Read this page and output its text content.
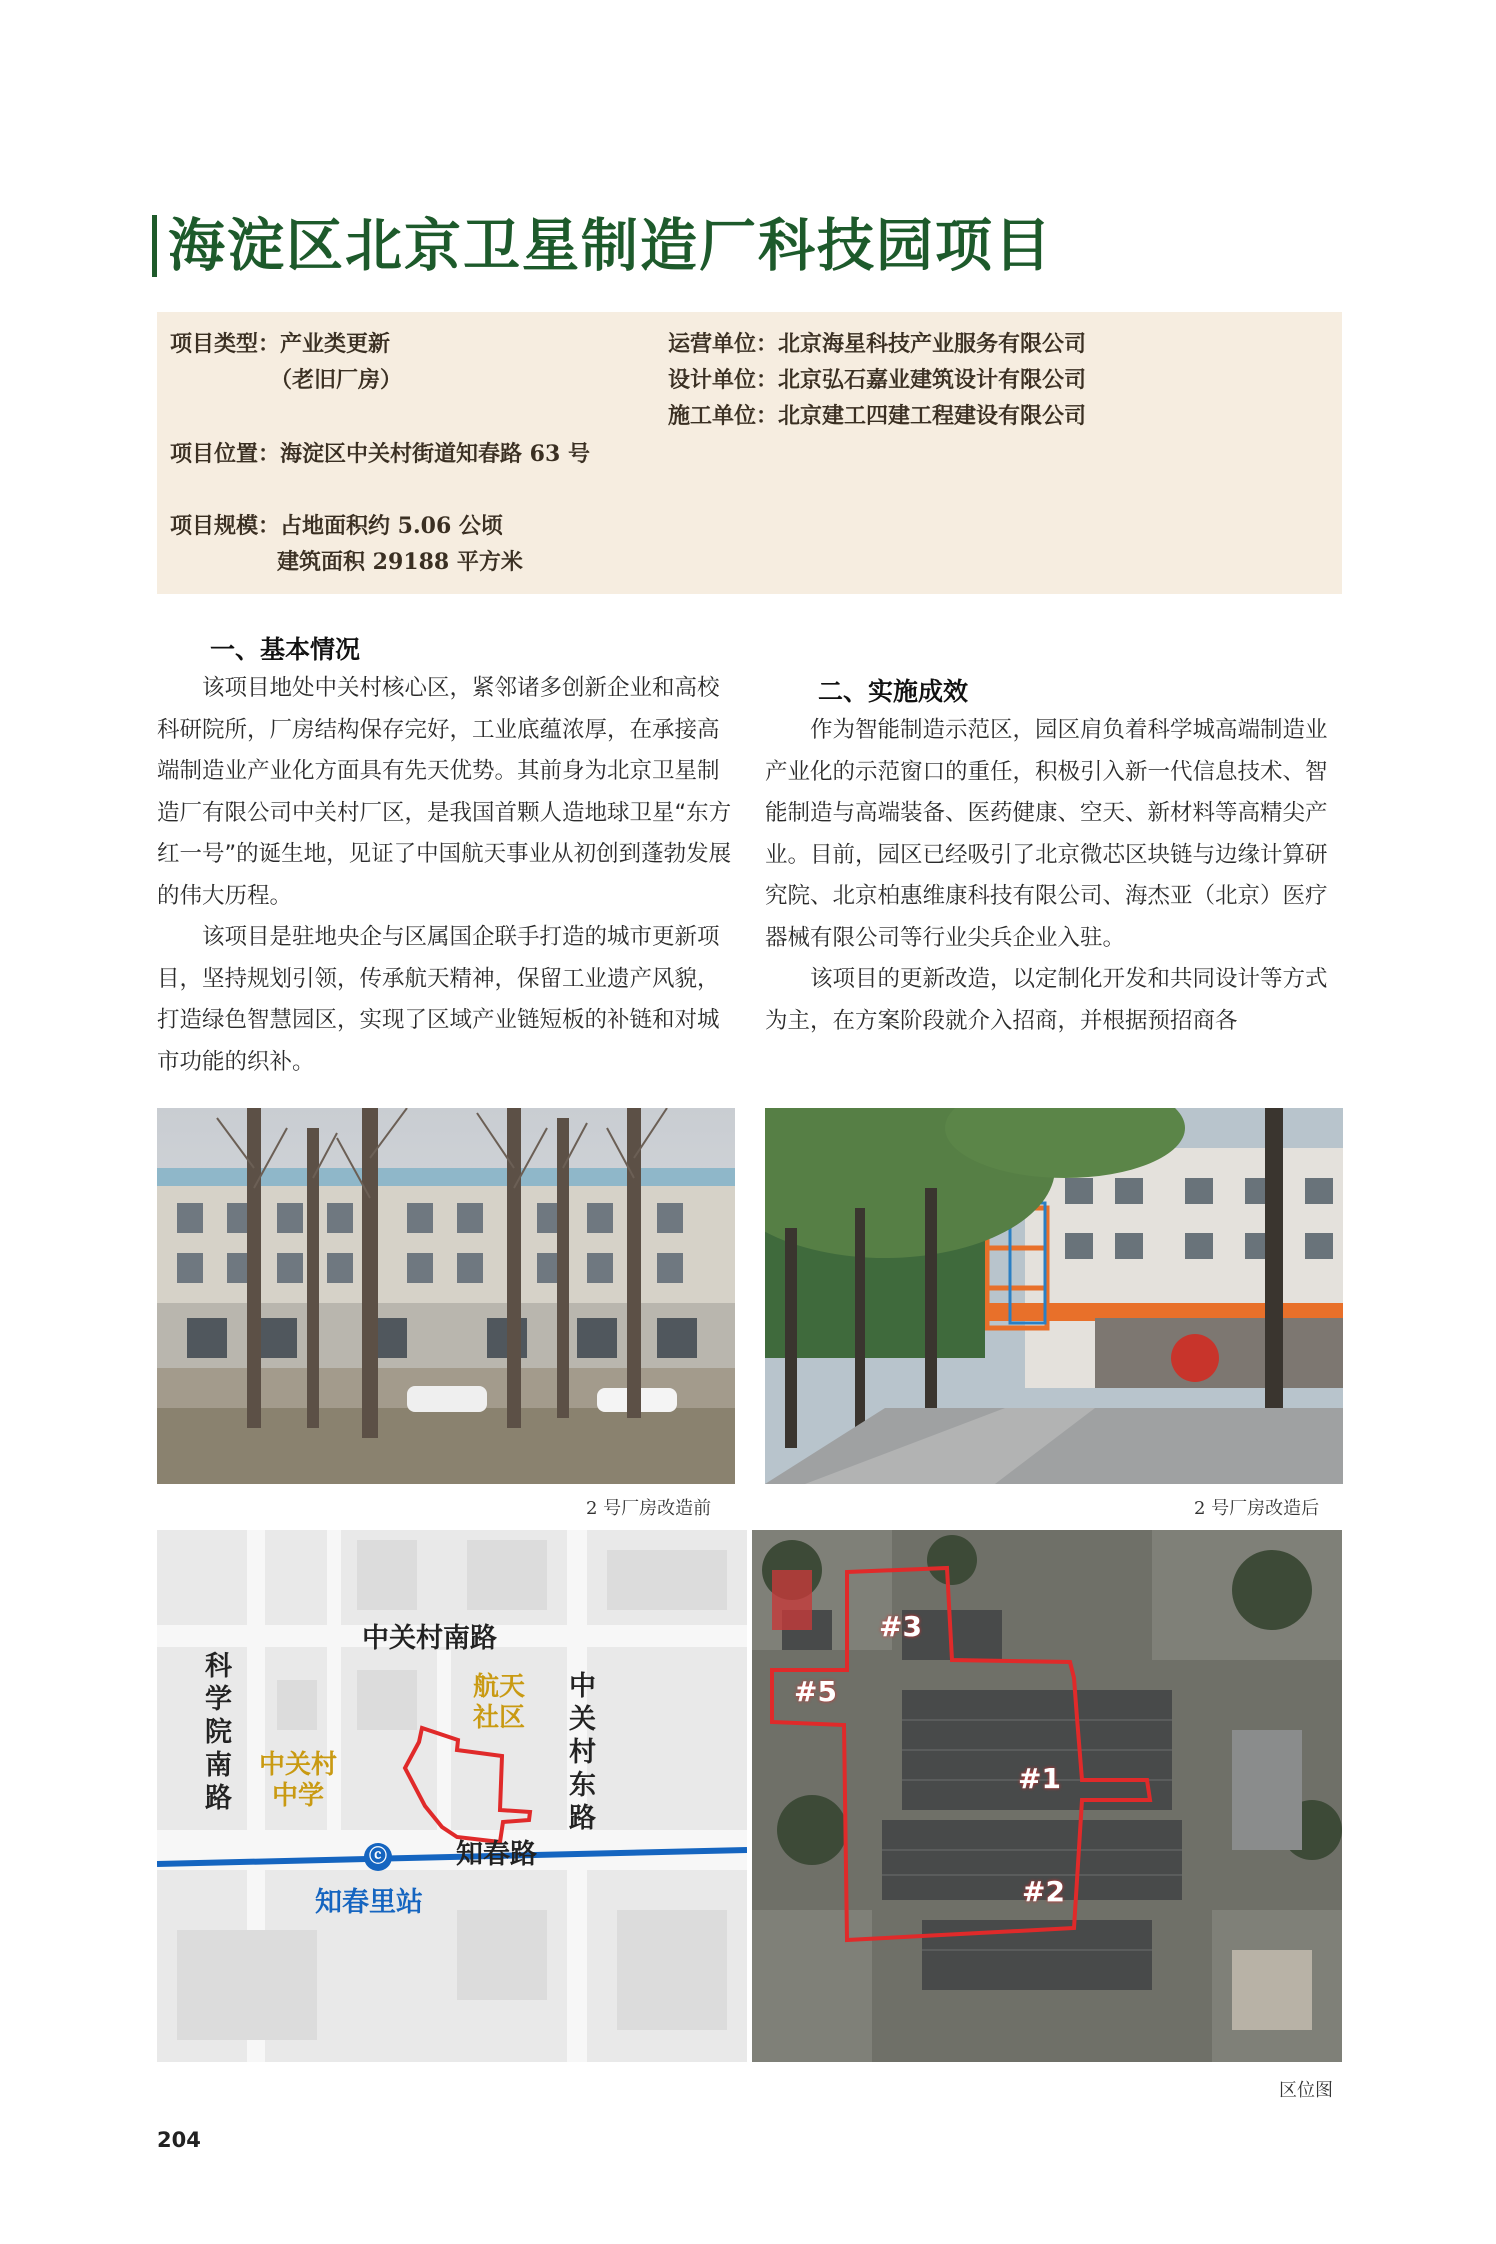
海淀区北京卫星制造厂科技园项目
项目类型：产业类更新
（老旧厂房）
项目位置：海淀区中关村街道知春路 63 号
项目规模：占地面积约 5.06 公顷
建筑面积 29188 平方米
运营单位：北京海星科技产业服务有限公司
设计单位：北京弘石嘉业建筑设计有限公司
施工单位：北京建工四建工程建设有限公司
一、基本情况

该项目地处中关村核心区，紧邻诸多创新企业和高校科研院所，厂房结构保存完好，工业底蕴浓厚，在承接高端制造业产业化方面具有先天优势。其前身为北京卫星制造厂有限公司中关村厂区，是我国首颗人造地球卫星“东方红一号”的诞生地，见证了中国航天事业从初创到蓬勃发展的伟大历程。

该项目是驻地央企与区属国企联手打造的城市更新项目，坚持规划引领，传承航天精神，保留工业遗产风貌，打造绿色智慧园区，实现了区域产业链短板的补链和对城市功能的织补。

二、实施成效

作为智能制造示范区，园区肩负着科学城高端制造业产业化的示范窗口的重任，积极引入新一代信息技术、智能制造与高端装备、医药健康、空天、新材料等高精尖产业。目前，园区已经吸引了北京微芯区块链与边缘计算研究院、北京柏惠维康科技有限公司、海杰亚（北京）医疗器械有限公司等行业尖兵企业入驻。

该项目的更新改造，以定制化开发和共同设计等方式为主，在方案阶段就介入招商，并根据预招商各

2 号厂房改造前	2 号厂房改造后
中关村南路
科学院南路
中关村东路
航天社区
中关村中学
知春路
ⓒ
知春里站
#3
#5
#1
#2
区位图
204
